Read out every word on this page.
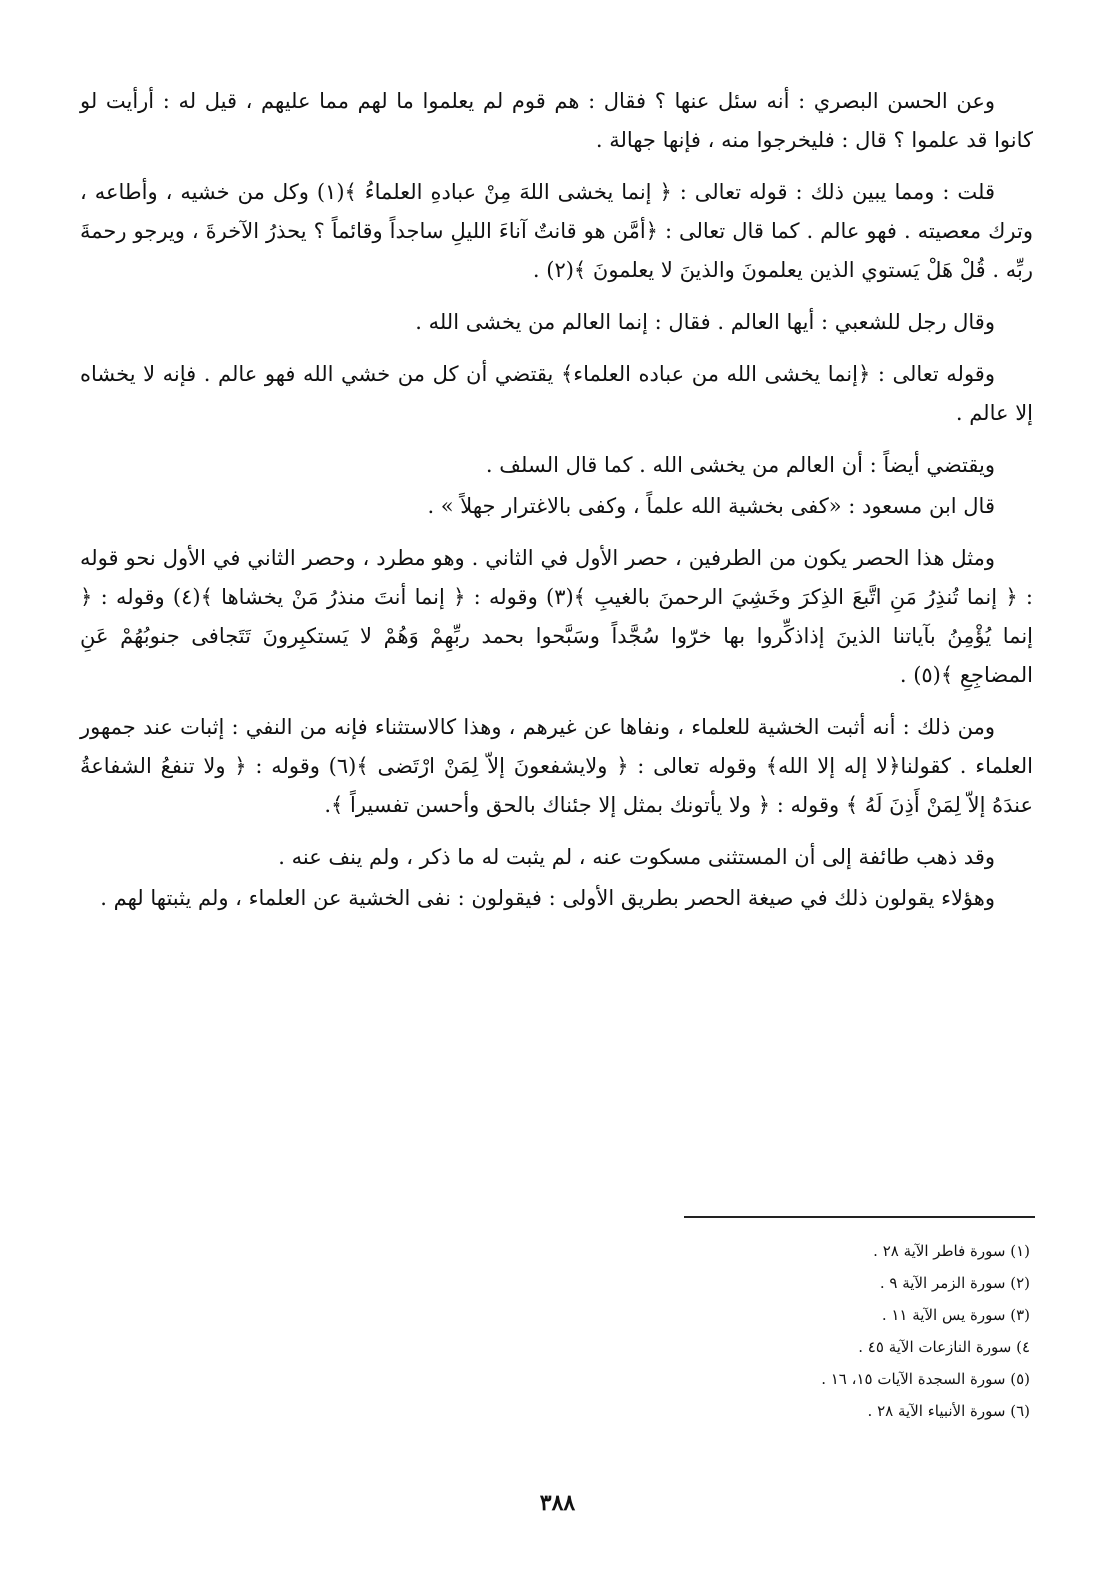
وعن الحسن البصري : أنه سئل عنها ؟ فقال : هم قوم لم يعلموا ما لهم مما عليهم ، قيل له : أرأيت لو كانوا قد علموا ؟ قال : فليخرجوا منه ، فإنها جهالة .

قلت : ومما يبين ذلك : قوله تعالى : ﴿ إنما يخشى اللهَ مِنْ عبادهِ العلماءُ ﴾(١) وكل من خشيه ، وأطاعه ، وترك معصيته . فهو عالم . كما قال تعالى : ﴿أمَّن هو قانتٌ آناءَ الليلِ ساجداً وقائماً ؟ يحذرُ الآخرةَ ، ويرجو رحمةَ ربِّه . قُلْ هَلْ يَستوي الذين يعلمونَ والذينَ لا يعلمونَ ﴾(٢) .

وقال رجل للشعبي : أيها العالم . فقال : إنما العالم من يخشى الله .

وقوله تعالى : ﴿إنما يخشى الله من عباده العلماء﴾ يقتضي أن كل من خشي الله فهو عالم . فإنه لا يخشاه إلا عالم .

ويقتضي أيضاً : أن العالم من يخشى الله . كما قال السلف .

قال ابن مسعود : «كفى بخشية الله علماً ، وكفى بالاغترار جهلاً » .

ومثل هذا الحصر يكون من الطرفين ، حصر الأول في الثاني . وهو مطرد ، وحصر الثاني في الأول نحو قوله : ﴿ إنما تُنذِرُ مَنِ اتَّبعَ الذِكرَ وخَشِيَ الرحمنَ بالغيبِ ﴾(٣) وقوله : ﴿ إنما أنتَ منذرُ مَنْ يخشاها ﴾(٤) وقوله : ﴿ إنما يُؤْمِنُ بآياتنا الذينَ إذاذكِّروا بها خرّوا سُجَّداً وسَبَّحوا بحمد ربِّهِمْ وَهُمْ لا يَستكبِرونَ تَتَجافى جنوبُهُمْ عَنِ المضاجِعِ ﴾(٥) .

ومن ذلك : أنه أثبت الخشية للعلماء ، ونفاها عن غيرهم ، وهذا كالاستثناء فإنه من النفي : إثبات عند جمهور العلماء . كقولنا﴿لا إله إلا الله﴾ وقوله تعالى : ﴿ ولايشفعونَ إلاّ لِمَنْ ارْتَضى ﴾(٦) وقوله : ﴿ ولا تنفعُ الشفاعةُ عندَهُ إلاّ لِمَنْ أَذِنَ لَهُ ﴾ وقوله : ﴿ ولا يأتونك بمثل إلا جئناك بالحق وأحسن تفسيراً ﴾.

وقد ذهب طائفة إلى أن المستثنى مسكوت عنه ، لم يثبت له ما ذكر ، ولم ينف عنه .

وهؤلاء يقولون ذلك في صيغة الحصر بطريق الأولى : فيقولون : نفى الخشية عن العلماء ، ولم يثبتها لهم .

(١) سورة فاطر الآية ٢٨ .
(٢) سورة الزمر الآية ٩ .
(٣) سورة يس الآية ١١ .
٤) سورة النازعات الآية ٤٥ .
(٥) سورة السجدة الآيات ١٥، ١٦ .
(٦) سورة الأنبياء الآية ٢٨ .
٣٨٨
